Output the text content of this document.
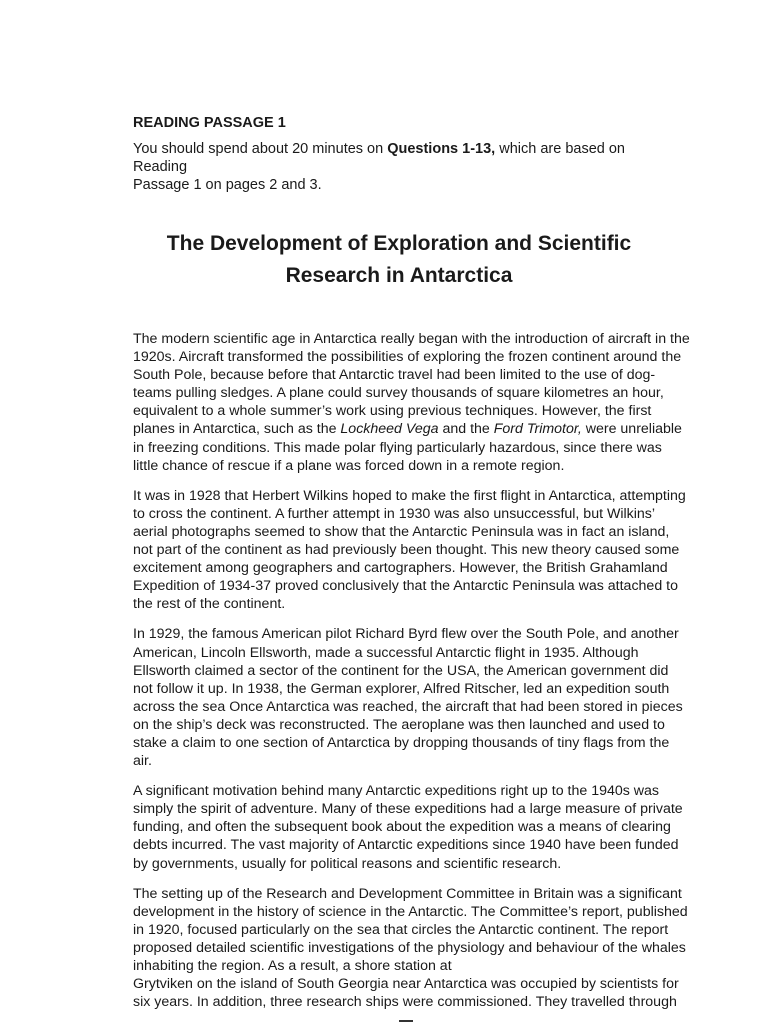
READING PASSAGE 1

You should spend about 20 minutes on Questions 1-13, which are based on Reading
Passage 1 on pages 2 and 3.

The Development of Exploration and Scientific
Research in Antarctica

The modern scientific age in Antarctica really began with the introduction of aircraft in the
1920s. Aircraft transformed the possibilities of exploring the frozen continent around the
South Pole, because before that Antarctic travel had been limited to the use of dog-
teams pulling sledges. A plane could survey thousands of square kilometres an hour,
equivalent to a whole summer’s work using previous techniques. However, the first
planes in Antarctica, such as the Lockheed Vega and the Ford Trimotor, were unreliable
in freezing conditions. This made polar flying particularly hazardous, since there was
little chance of rescue if a plane was forced down in a remote region.

It was in 1928 that Herbert Wilkins hoped to make the first flight in Antarctica, attempting
to cross the continent. A further attempt in 1930 was also unsuccessful, but Wilkins’
aerial photographs seemed to show that the Antarctic Peninsula was in fact an island,
not part of the continent as had previously been thought. This new theory caused some
excitement among geographers and cartographers. However, the British Grahamland
Expedition of 1934-37 proved conclusively that the Antarctic Peninsula was attached to
the rest of the continent.

In 1929, the famous American pilot Richard Byrd flew over the South Pole, and another
American, Lincoln Ellsworth, made a successful Antarctic flight in 1935. Although
Ellsworth claimed a sector of the continent for the USA, the American government did
not follow it up. In 1938, the German explorer, Alfred Ritscher, led an expedition south
across the sea Once Antarctica was reached, the aircraft that had been stored in pieces
on the ship’s deck was reconstructed. The aeroplane was then launched and used to
stake a claim to one section of Antarctica by dropping thousands of tiny flags from the
air.

A significant motivation behind many Antarctic expeditions right up to the 1940s was
simply the spirit of adventure. Many of these expeditions had a large measure of private
funding, and often the subsequent book about the expedition was a means of clearing
debts incurred. The vast majority of Antarctic expeditions since 1940 have been funded
by governments, usually for political reasons and scientific research.

The setting up of the Research and Development Committee in Britain was a significant
development in the history of science in the Antarctic. The Committee’s report, published
in 1920, focused particularly on the sea that circles the Antarctic continent. The report
proposed detailed scientific investigations of the physiology and behaviour of the whales
inhabiting the region. As a result, a shore station at
Grytviken on the island of South Georgia near Antarctica was occupied by scientists for
six years. In addition, three research ships were commissioned. They travelled through
